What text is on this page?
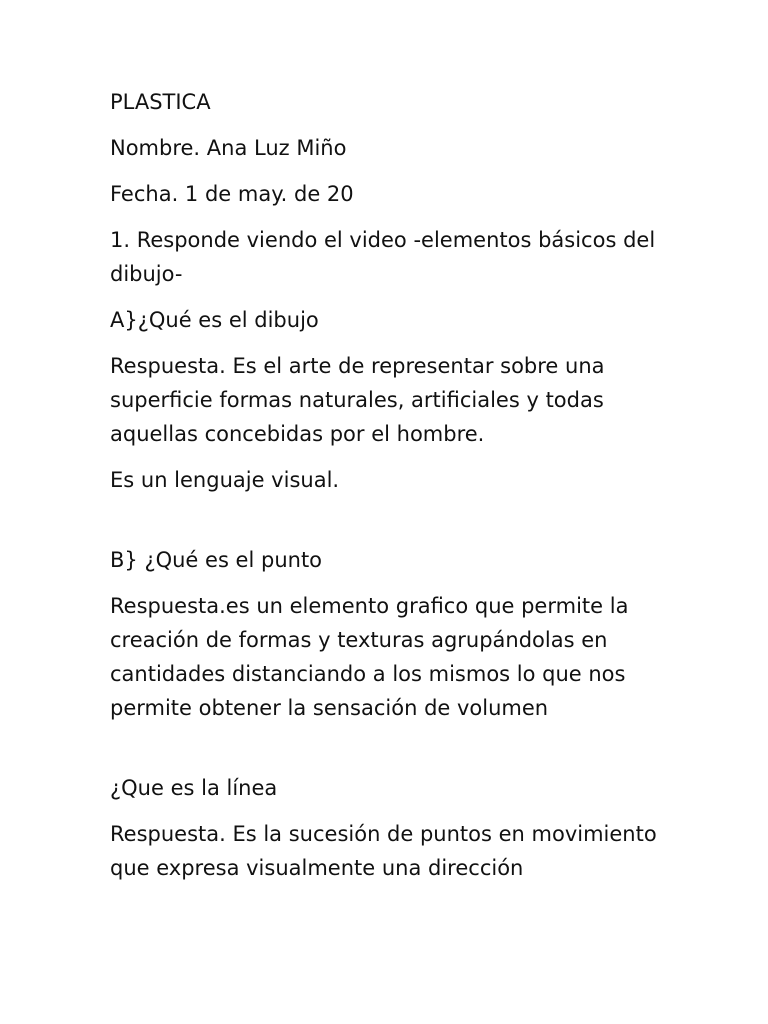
PLASTICA

Nombre. Ana Luz Miño

Fecha. 1 de may. de 20

1. Responde viendo el video -elementos básicos del dibujo-

A}¿Qué es el dibujo

Respuesta. Es el arte de representar sobre una superficie formas naturales, artificiales y todas aquellas concebidas por el hombre.

Es un lenguaje visual.

B} ¿Qué es el punto

Respuesta.es un elemento grafico que permite la creación de formas y texturas agrupándolas en cantidades distanciando a los mismos lo que nos permite obtener la sensación de volumen

¿Que es la línea

Respuesta. Es la sucesión de puntos en movimiento que expresa visualmente una dirección
